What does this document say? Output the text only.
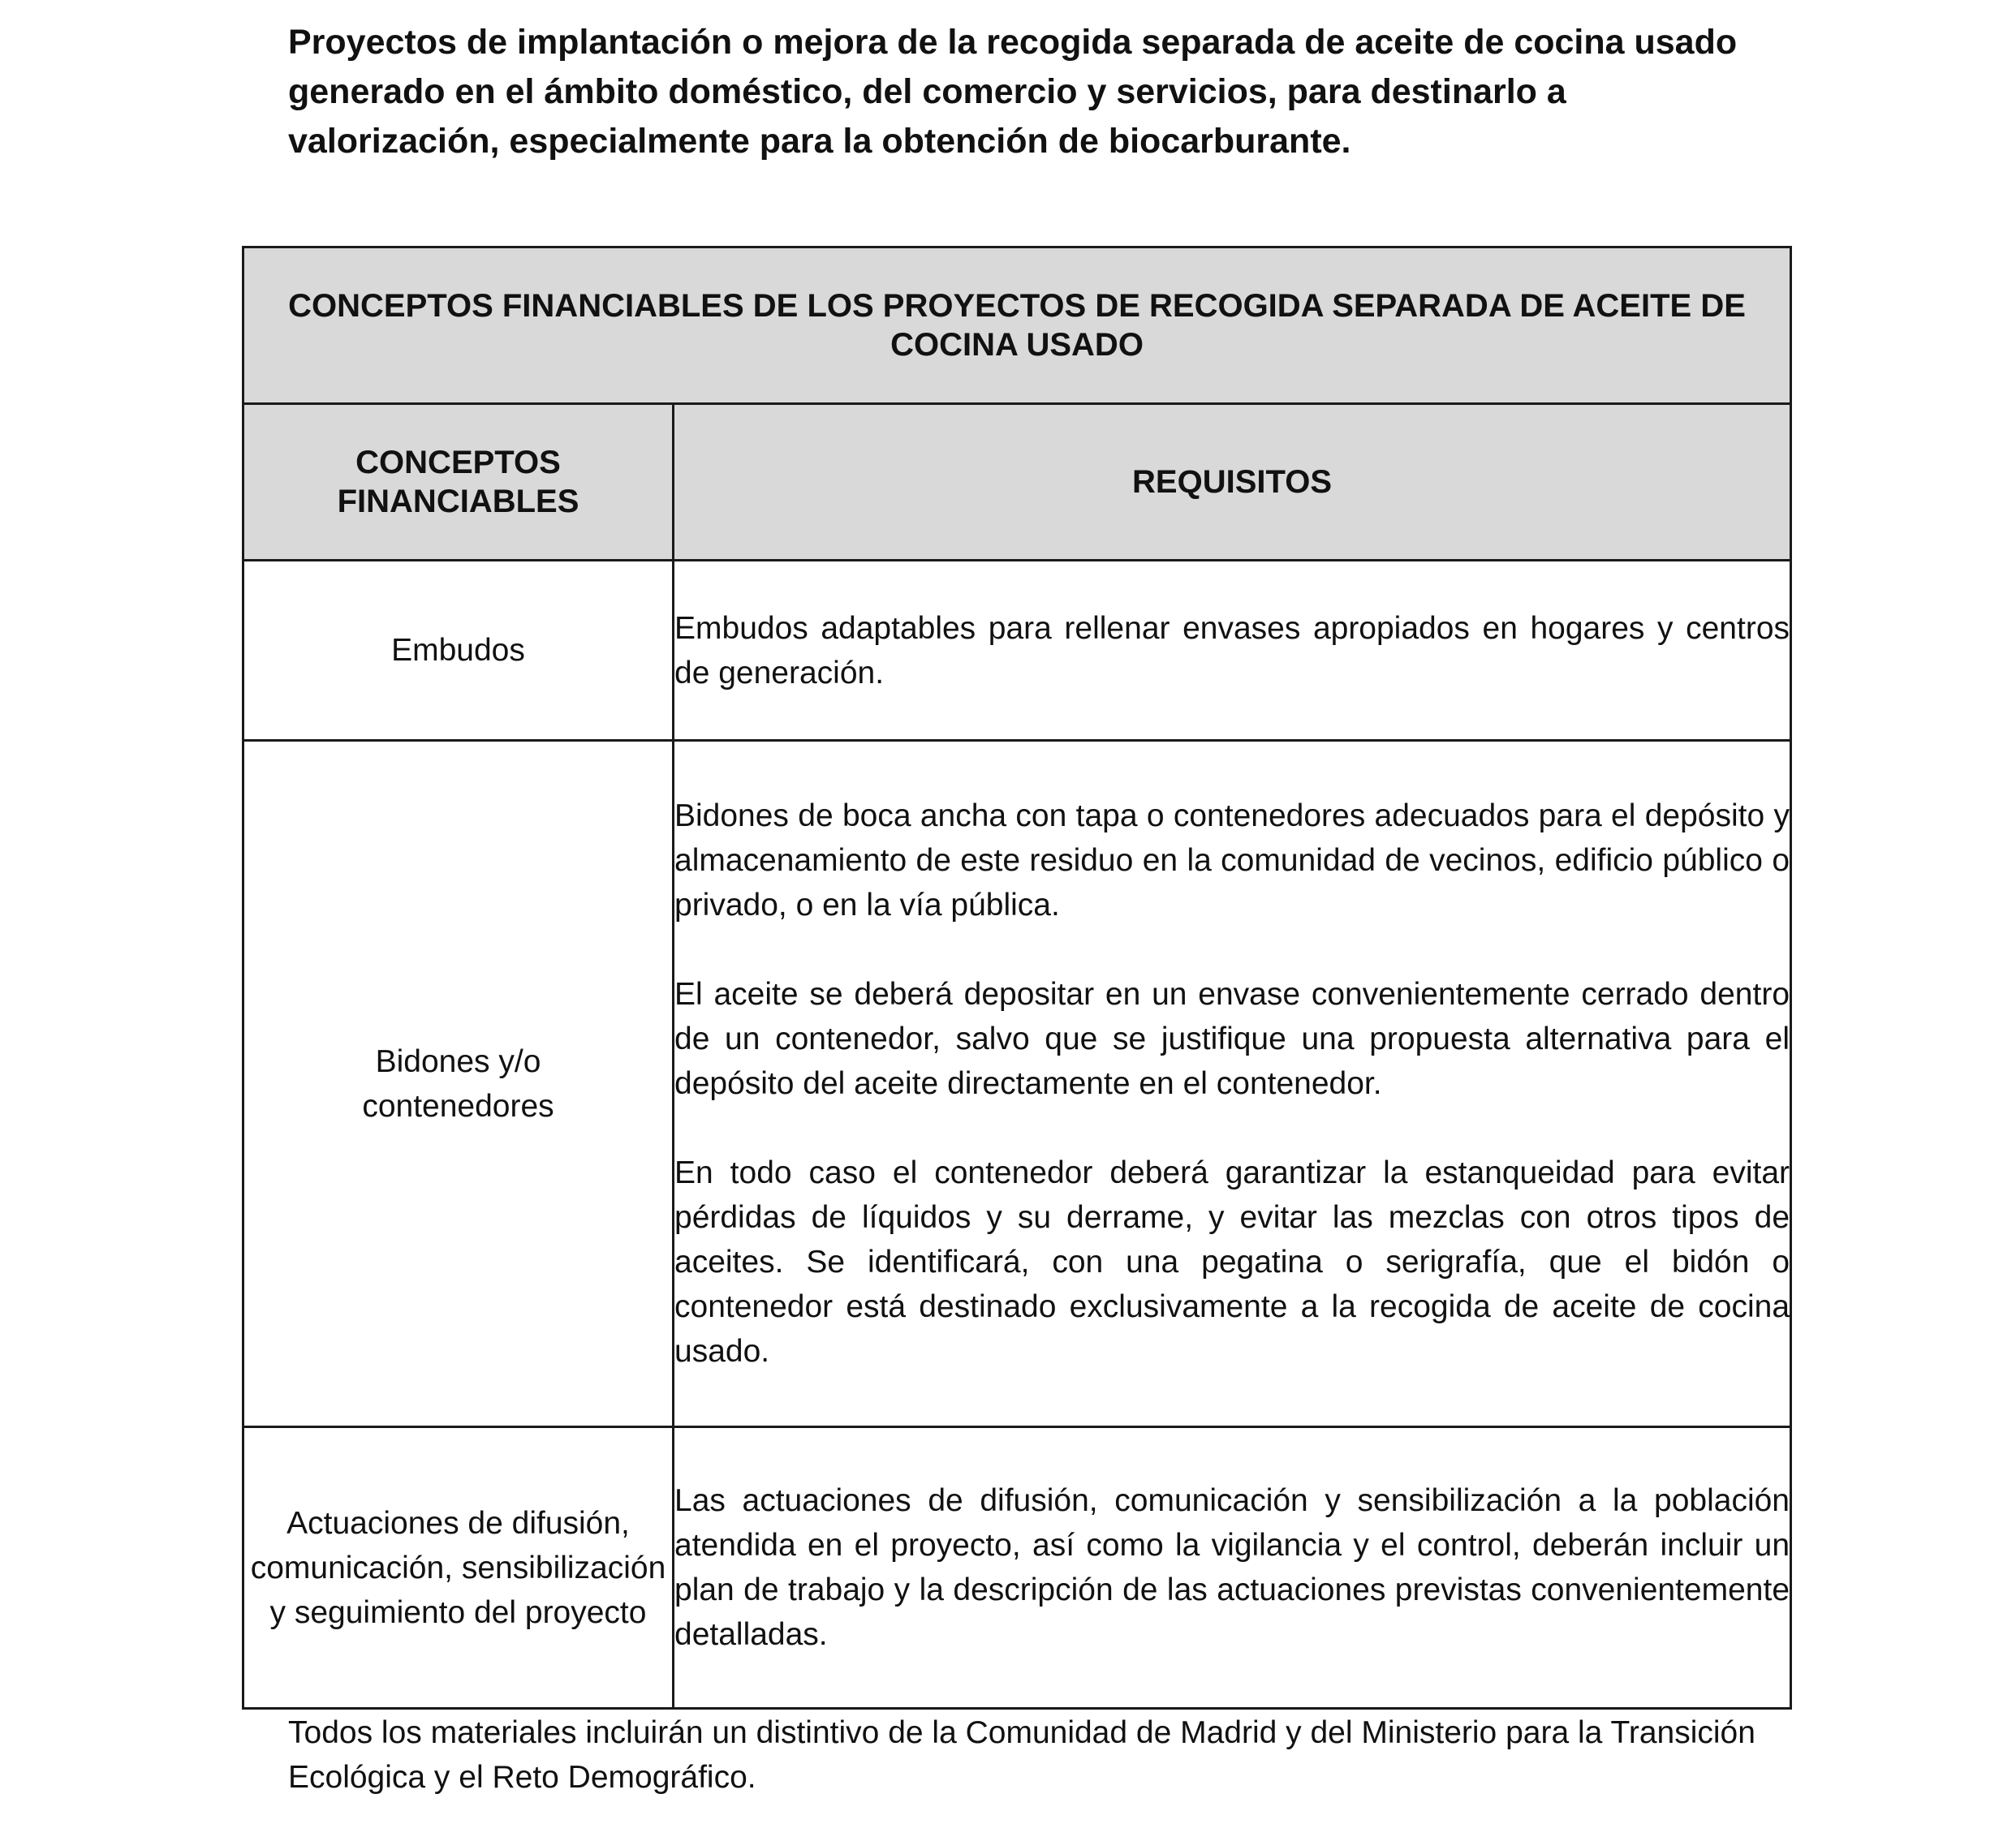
Proyectos de implantación o mejora de la recogida separada de aceite de cocina usado generado en el ámbito doméstico, del comercio y servicios, para destinarlo a valorización, especialmente para la obtención de biocarburante.

CONCEPTOS FINANCIABLES DE LOS PROYECTOS DE RECOGIDA SEPARADA DE ACEITE DE COCINA USADO	
CONCEPTOS FINANCIABLES	REQUISITOS
Embudos	Embudos adaptables para rellenar envases apropiados en hogares y centros de generación.

Bidones y/o contenedores	Bidones de boca ancha con tapa o contenedores adecuados para el depósito y almacenamiento de este residuo en la comunidad de vecinos, edificio público o privado, o en la vía pública.

El aceite se deberá depositar en un envase convenientemente cerrado dentro de un contenedor, salvo que se justifique una propuesta alternativa para el depósito del aceite directamente en el contenedor.

En todo caso el contenedor deberá garantizar la estanqueidad para evitar pérdidas de líquidos y su derrame, y evitar las mezclas con otros tipos de aceites. Se identificará, con una pegatina o serigrafía, que el bidón o contenedor está destinado exclusivamente a la recogida de aceite de cocina usado.

Actuaciones de difusión, comunicación, sensibilización y seguimiento del proyecto	Las actuaciones de difusión, comunicación y sensibilización a la población atendida en el proyecto, así como la vigilancia y el control, deberán incluir un plan de trabajo y la descripción de las actuaciones previstas convenientemente detalladas.

Todos los materiales incluirán un distintivo de la Comunidad de Madrid y del Ministerio para la Transición Ecológica y el Reto Demográfico.
